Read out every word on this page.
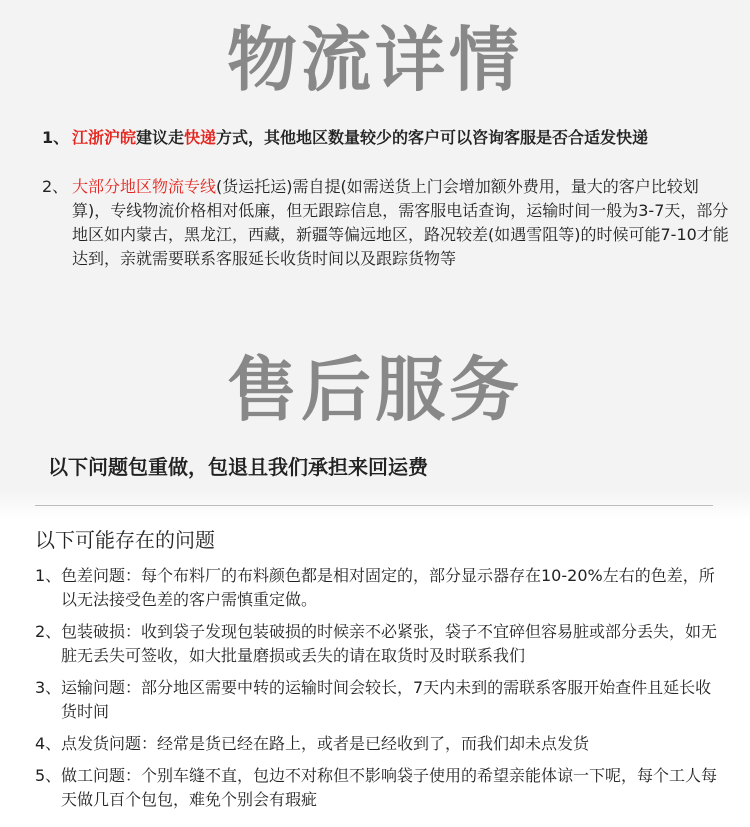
物流详情
1、 江浙沪皖建议走快递方式，其他地区数量较少的客户可以咨询客服是否合适发快递
2、 大部分地区物流专线(货运托运)需自提(如需送货上门会增加额外费用，量大的客户比较划算)，专线物流价格相对低廉，但无跟踪信息，需客服电话查询，运输时间一般为3-7天，部分地区如内蒙古，黑龙江，西藏，新疆等偏远地区，路况较差(如遇雪阻等)的时候可能7-10才能达到，亲就需要联系客服延长收货时间以及跟踪货物等
售后服务
以下问题包重做，包退且我们承担来回运费
以下可能存在的问题
1、 色差问题：每个布料厂的布料颜色都是相对固定的，部分显示器存在10-20%左右的色差，所以无法接受色差的客户需慎重定做。
2、 包装破损：收到袋子发现包装破损的时候亲不必紧张，袋子不宜碎但容易脏或部分丢失，如无脏无丢失可签收，如大批量磨损或丢失的请在取货时及时联系我们
3、 运输问题：部分地区需要中转的运输时间会较长，7天内未到的需联系客服开始查件且延长收货时间
4、 点发货问题：经常是货已经在路上，或者是已经收到了，而我们却未点发货
5、 做工问题：个别车缝不直，包边不对称但不影响袋子使用的希望亲能体谅一下呢，每个工人每天做几百个包包，难免个别会有瑕疵
